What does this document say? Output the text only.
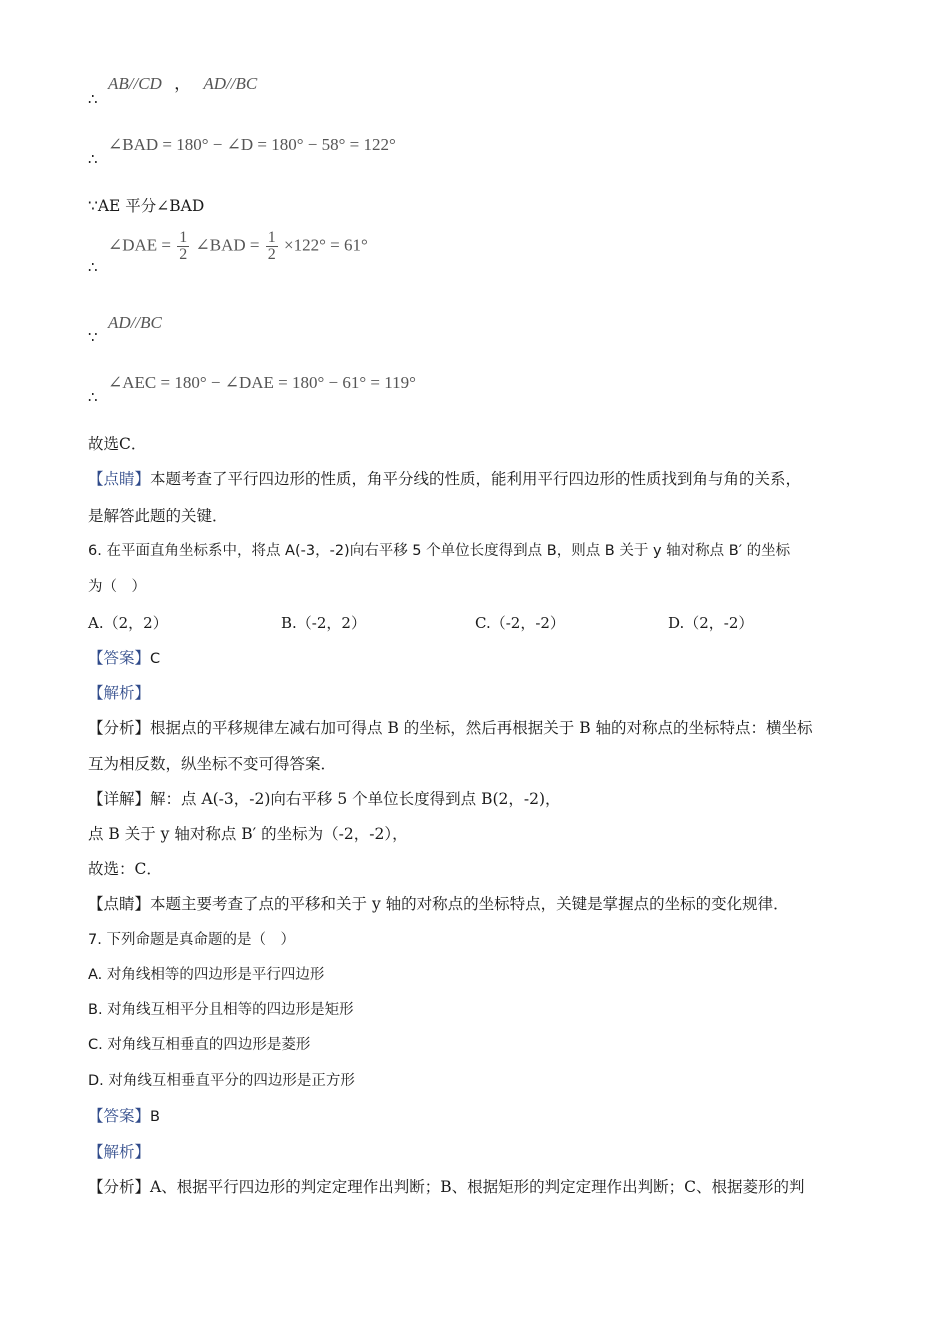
∴
AB//CD ， AD//BC
∴
∠BAD = 180° − ∠D = 180° − 58° = 122°
∵AE 平分∠BAD
∴
∠DAE = $\frac{1}{2}$ ∠BAD = $\frac{1}{2} \times 122^\circ = 61^\circ$
∵
AD//BC
∴
∠AEC = 180° − ∠DAE = 180° − 61° = 119°
故选C．
【点睛】本题考查了平行四边形的性质，角平分线的性质，能利用平行四边形的性质找到角与角的关系，
是解答此题的关键．
6. 在平面直角坐标系中，将点 A(-3，-2)向右平移 5 个单位长度得到点 B，则点 B 关于 y 轴对称点 B′ 的坐标
为（　）
A.（2，2）	B.（-2，2）	C.（-2，-2）	D.（2，-2）
【答案】C
【解析】
【分析】根据点的平移规律左减右加可得点 B 的坐标，然后再根据关于 B 轴的对称点的坐标特点：横坐标
互为相反数，纵坐标不变可得答案．
【详解】解：点 A(-3，-2)向右平移 5 个单位长度得到点 B(2，-2)，
点 B 关于 y 轴对称点 B′ 的坐标为（-2，-2），
故选：C．
【点睛】本题主要考查了点的平移和关于 y 轴的对称点的坐标特点，关键是掌握点的坐标的变化规律．
7. 下列命题是真命题的是（　）
A. 对角线相等的四边形是平行四边形
B. 对角线互相平分且相等的四边形是矩形
C. 对角线互相垂直的四边形是菱形
D. 对角线互相垂直平分的四边形是正方形
【答案】B
【解析】
【分析】A、根据平行四边形的判定定理作出判断；B、根据矩形的判定定理作出判断；C、根据菱形的判
